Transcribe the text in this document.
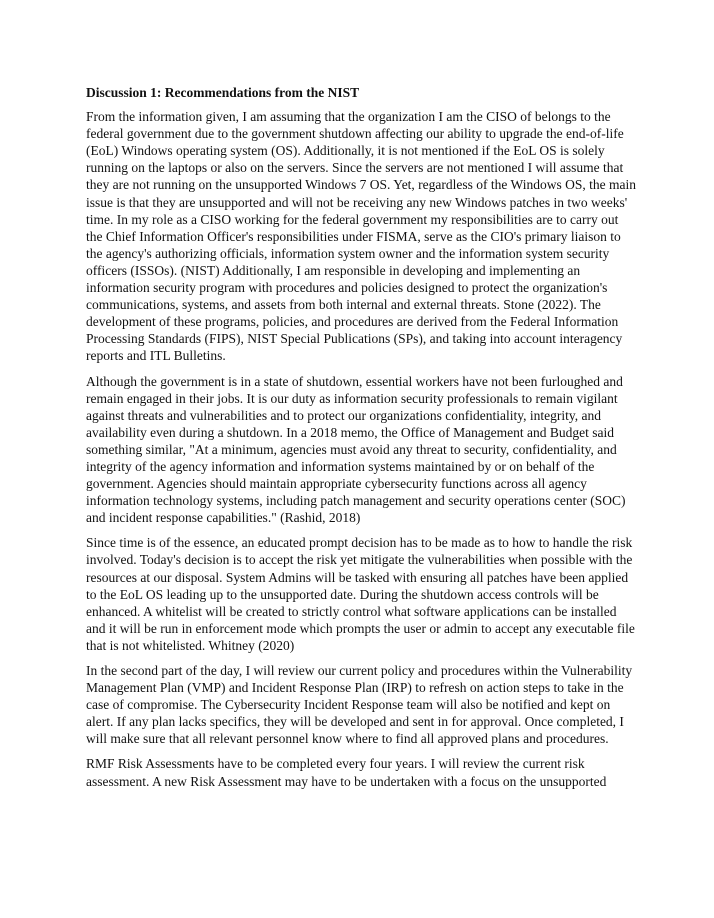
Discussion 1: Recommendations from the NIST

From the information given, I am assuming that the organization I am the CISO of belongs to the federal government due to the government shutdown affecting our ability to upgrade the end-of-life (EoL) Windows operating system (OS). Additionally, it is not mentioned if the EoL OS is solely running on the laptops or also on the servers. Since the servers are not mentioned I will assume that they are not running on the unsupported Windows 7 OS. Yet, regardless of the Windows OS, the main issue is that they are unsupported and will not be receiving any new Windows patches in two weeks' time. In my role as a CISO working for the federal government my responsibilities are to carry out the Chief Information Officer's responsibilities under FISMA, serve as the CIO's primary liaison to the agency's authorizing officials, information system owner and the information system security officers (ISSOs). (NIST) Additionally, I am responsible in developing and implementing an information security program with procedures and policies designed to protect the organization's communications, systems, and assets from both internal and external threats. Stone (2022). The development of these programs, policies, and procedures are derived from the Federal Information Processing Standards (FIPS), NIST Special Publications (SPs), and taking into account interagency reports and ITL Bulletins.

Although the government is in a state of shutdown, essential workers have not been furloughed and remain engaged in their jobs. It is our duty as information security professionals to remain vigilant against threats and vulnerabilities and to protect our organizations confidentiality, integrity, and availability even during a shutdown. In a 2018 memo, the Office of Management and Budget said something similar, "At a minimum, agencies must avoid any threat to security, confidentiality, and integrity of the agency information and information systems maintained by or on behalf of the government. Agencies should maintain appropriate cybersecurity functions across all agency information technology systems, including patch management and security operations center (SOC) and incident response capabilities." (Rashid, 2018)

Since time is of the essence, an educated prompt decision has to be made as to how to handle the risk involved. Today's decision is to accept the risk yet mitigate the vulnerabilities when possible with the resources at our disposal. System Admins will be tasked with ensuring all patches have been applied to the EoL OS leading up to the unsupported date. During the shutdown access controls will be enhanced. A whitelist will be created to strictly control what software applications can be installed and it will be run in enforcement mode which prompts the user or admin to accept any executable file that is not whitelisted. Whitney (2020)

In the second part of the day, I will review our current policy and procedures within the Vulnerability Management Plan (VMP) and Incident Response Plan (IRP) to refresh on action steps to take in the case of compromise. The Cybersecurity Incident Response team will also be notified and kept on alert. If any plan lacks specifics, they will be developed and sent in for approval. Once completed, I will make sure that all relevant personnel know where to find all approved plans and procedures.

RMF Risk Assessments have to be completed every four years. I will review the current risk assessment. A new Risk Assessment may have to be undertaken with a focus on the unsupported
